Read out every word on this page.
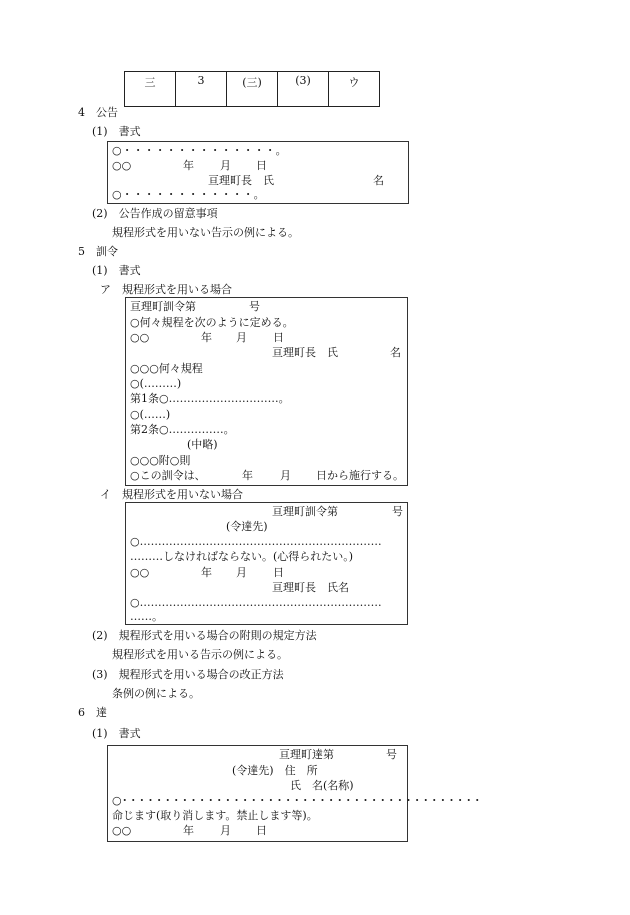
三	3	(三)	(3)	ウ
4　公告
(1)　書式
○・・・・・・・・・・・・・・。
○○	年 月 日
亘理町長　氏	名
○・・・・・・・・・・・・。
(2)　公告作成の留意事項
規程形式を用いない告示の例による。
5　訓令
(1)　書式
ア　規程形式を用いる場合
亘理町訓令第	号
○何々規程を次のように定める。
○○	年 月 日
亘理町長　氏	名
○○○何々規程
○(………)
第1条○…………………………。
○(……)
第2条○……………。
(中略)
○○○附○則
○この訓令は、	年 月 日から施行する。
イ　規程形式を用いない場合
亘理町訓令第	号
(令達先)
○…………………………………………………………
………しなければならない。(心得られたい。)
○○	年 月 日
亘理町長　氏名
○…………………………………………………………
……。
(2)　規程形式を用いる場合の附則の規定方法
規程形式を用いる告示の例による。
(3)　規程形式を用いる場合の改正方法
条例の例による。
6　達
(1)　書式
亘理町達第	号
(令達先)　住　所
氏　名(名称)
○・・・・・・・・・・・・・・・・・・・・・・・・・・・・・・・・・・・・・・・・・・
命じます(取り消します。禁止します等)。
○○	年 月 日
